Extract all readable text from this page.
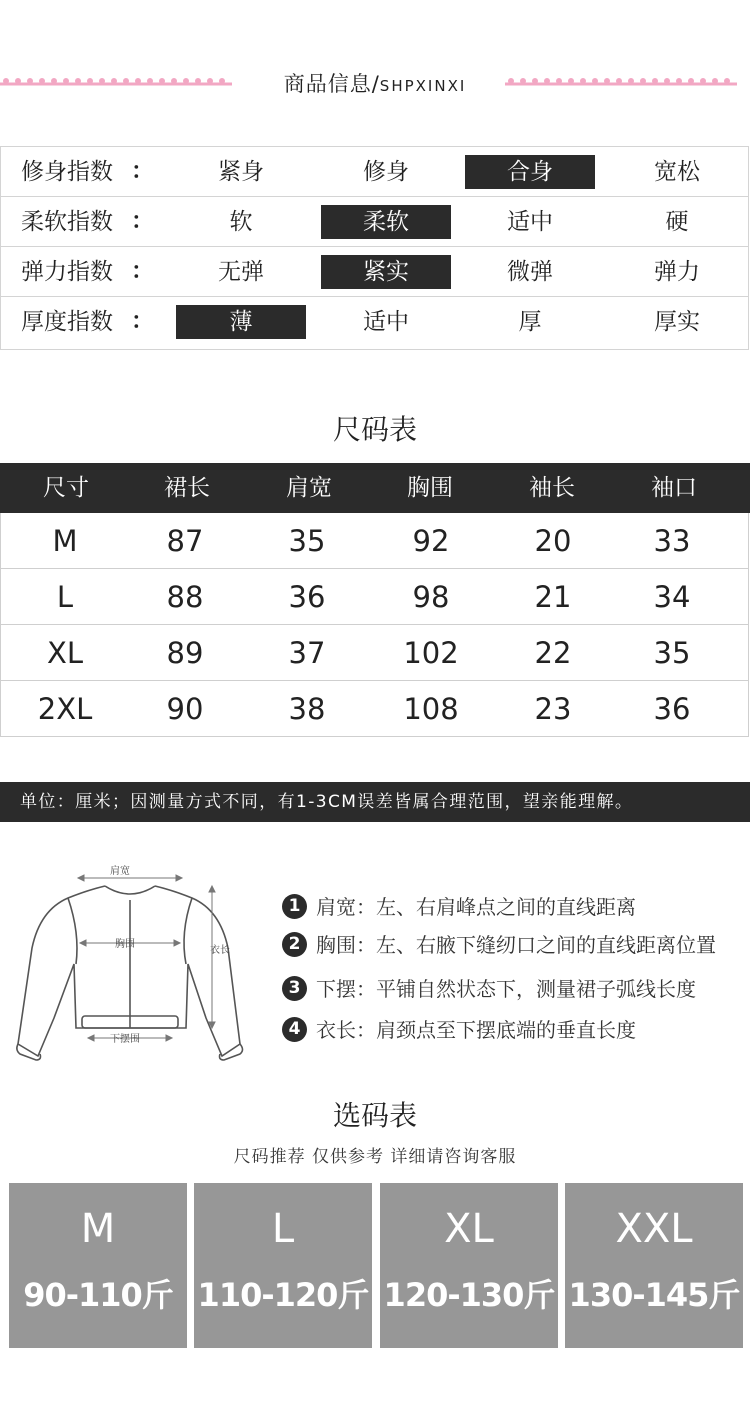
商品信息/SHPXINXI
修身指数 ：	紧身	修身	合身	宽松
柔软指数 ：	软	柔软	适中	硬
弹力指数 ：	无弹	紧实	微弹	弹力
厚度指数 ：	薄	适中	厚	厚实
尺码表
尺寸	裙长	肩宽	胸围	袖长	袖口
M	87	35	92	20	33
L	88	36	98	21	34
XL	89	37	102	22	35
2XL	90	38	108	23	36
单位：厘米；因测量方式不同，有1-3CM误差皆属合理范围，望亲能理解。
肩宽
胸围
衣长
下摆围
1 肩宽：左、右肩峰点之间的直线距离
2 胸围：左、右腋下缝纫口之间的直线距离位置
3 下摆：平铺自然状态下，测量裙子弧线长度
4 衣长：肩颈点至下摆底端的垂直长度
选码表
尺码推荐 仅供参考 详细请咨询客服
M
90-110斤
L
110-120斤
XL
120-130斤
XXL
130-145斤
